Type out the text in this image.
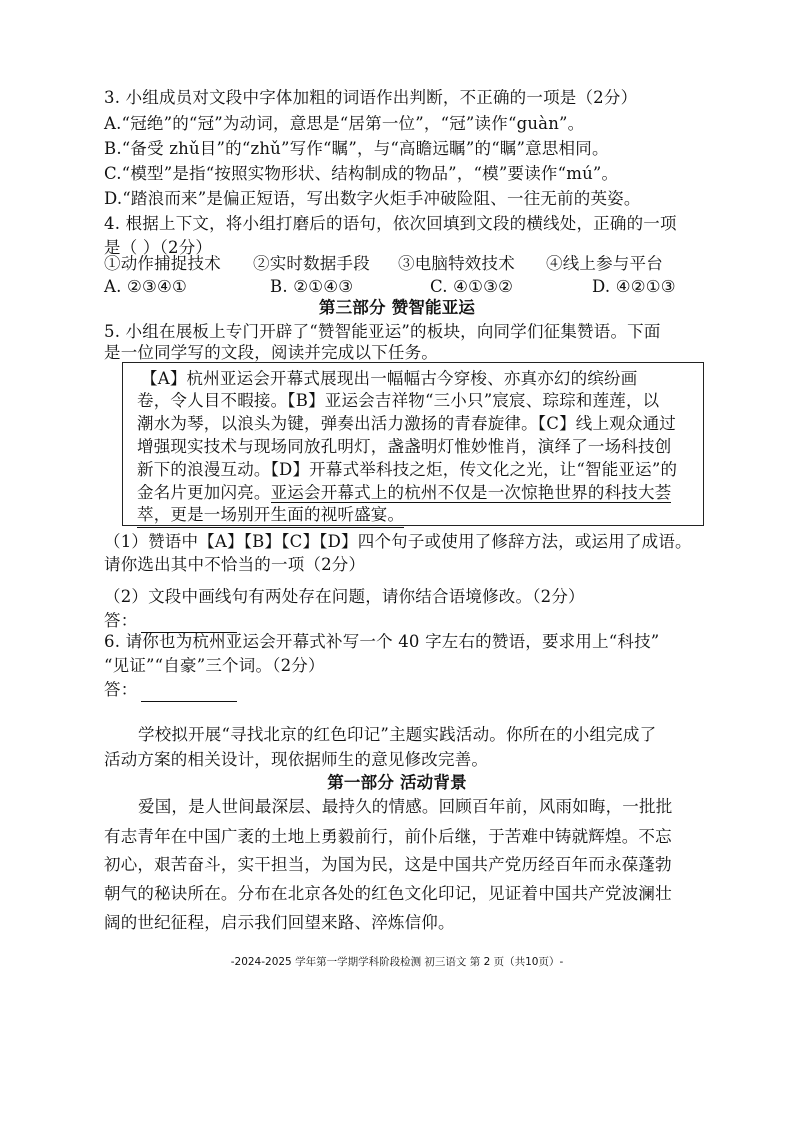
3. 小组成员对文段中字体加粗的词语作出判断，不正确的一项是（2分）
A.“冠绝”的“冠”为动词，意思是“居第一位”，“冠”读作“guàn”。
B.“备受 zhǔ目”的“zhǔ”写作“瞩”，与“高瞻远瞩”的“瞩”意思相同。
C.“模型”是指“按照实物形状、结构制成的物品”，“模”要读作“mú”。
D.“踏浪而来”是偏正短语，写出数字火炬手冲破险阻、一往无前的英姿。
4. 根据上下文，将小组打磨后的语句，依次回填到文段的横线处，正确的一项
是（ ）（2分）
①动作捕捉技术 ②实时数据手段 ③电脑特效技术 ④线上参与平台
A. ②③④①	B. ②①④③	C. ④①③②	D. ④②①③
第三部分 赞智能亚运
5. 小组在展板上专门开辟了“赞智能亚运”的板块，向同学们征集赞语。下面
是一位同学写的文段，阅读并完成以下任务。
【A】杭州亚运会开幕式展现出一幅幅古今穿梭、亦真亦幻的缤纷画
卷，令人目不暇接。【B】亚运会吉祥物“三小只”宸宸、琮琮和莲莲，以
潮水为琴，以浪头为键，弹奏出活力激扬的青春旋律。【C】线上观众通过
增强现实技术与现场同放孔明灯，盏盏明灯惟妙惟肖，演绎了一场科技创
新下的浪漫互动。【D】开幕式举科技之炬，传文化之光，让“智能亚运”的
金名片更加闪亮。亚运会开幕式上的杭州不仅是一次惊艳世界的科技大荟
萃，更是一场别开生面的视听盛宴。
（1）赞语中【A】【B】【C】【D】四个句子或使用了修辞方法，或运用了成语。
请你选出其中不恰当的一项（2分）
（2）文段中画线句有两处存在问题，请你结合语境修改。（2分）
答：
6. 请你也为杭州亚运会开幕式补写一个 40 字左右的赞语，要求用上“科技”
“见证”“自豪”三个词。（2分）
答：
学校拟开展“寻找北京的红色印记”主题实践活动。你所在的小组完成了
活动方案的相关设计，现依据师生的意见修改完善。
第一部分 活动背景
爱国，是人世间最深层、最持久的情感。回顾百年前，风雨如晦，一批批
有志青年在中国广袤的土地上勇毅前行，前仆后继，于苦难中铸就辉煌。不忘
初心，艰苦奋斗，实干担当，为国为民，这是中国共产党历经百年而永葆蓬勃
朝气的秘诀所在。分布在北京各处的红色文化印记，见证着中国共产党波澜壮
阔的世纪征程，启示我们回望来路、淬炼信仰。
-2024-2025 学年第一学期学科阶段检测 初三语文 第 2 页（共10页）-
